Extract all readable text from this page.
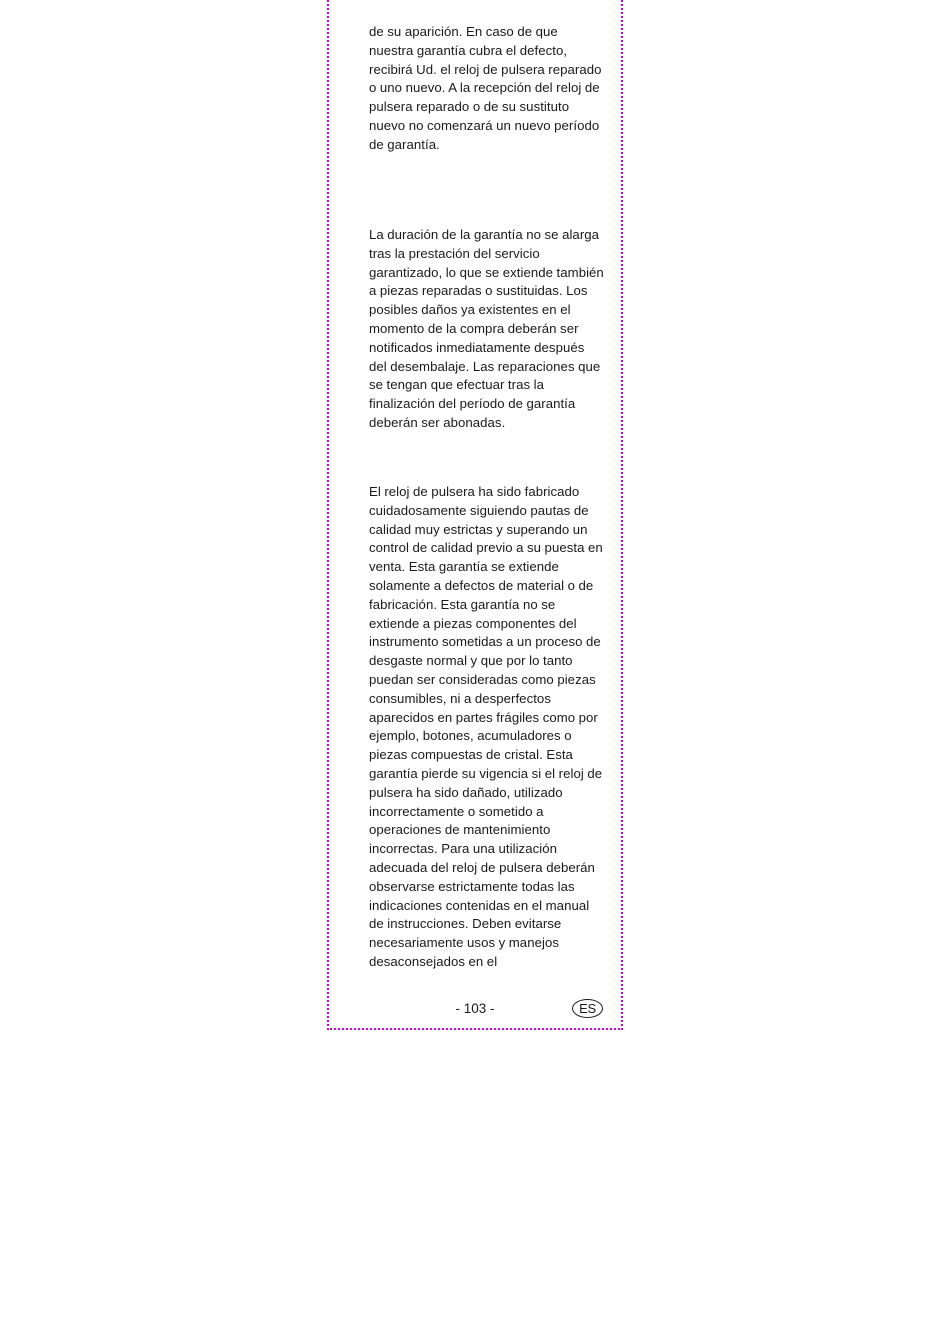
de su aparición. En caso de que nuestra garantía cubra el defecto, recibirá Ud. el reloj de pulsera reparado o uno nuevo. A la recepción del reloj de pulsera reparado o de su sustituto nuevo no comenzará un nuevo período de garantía.

La duración de la garantía no se alarga tras la prestación del servicio garantizado, lo que se extiende también a piezas reparadas o sustituidas. Los posibles daños ya existentes en el momento de la compra deberán ser notificados inmediatamente después del desembalaje. Las reparaciones que se tengan que efectuar tras la finalización del período de garantía deberán ser abonadas.

El reloj de pulsera ha sido fabricado cuidadosamente siguiendo pautas de calidad muy estrictas y superando un control de calidad previo a su puesta en venta. Esta garantía se extiende solamente a defectos de material o de fabricación. Esta garantía no se extiende a piezas componentes del instrumento sometidas a un proceso de desgaste normal y que por lo tanto puedan ser consideradas como piezas consumibles, ni a desperfectos aparecidos en partes frágiles como por ejemplo, botones, acumuladores o piezas compuestas de cristal. Esta garantía pierde su vigencia si el reloj de pulsera ha sido dañado, utilizado incorrectamente o sometido a operaciones de mantenimiento incorrectas. Para una utilización adecuada del reloj de pulsera deberán observarse estrictamente todas las indicaciones contenidas en el manual de instrucciones. Deben evitarse necesariamente usos y manejos desaconsejados en el

- 103 -	ES
